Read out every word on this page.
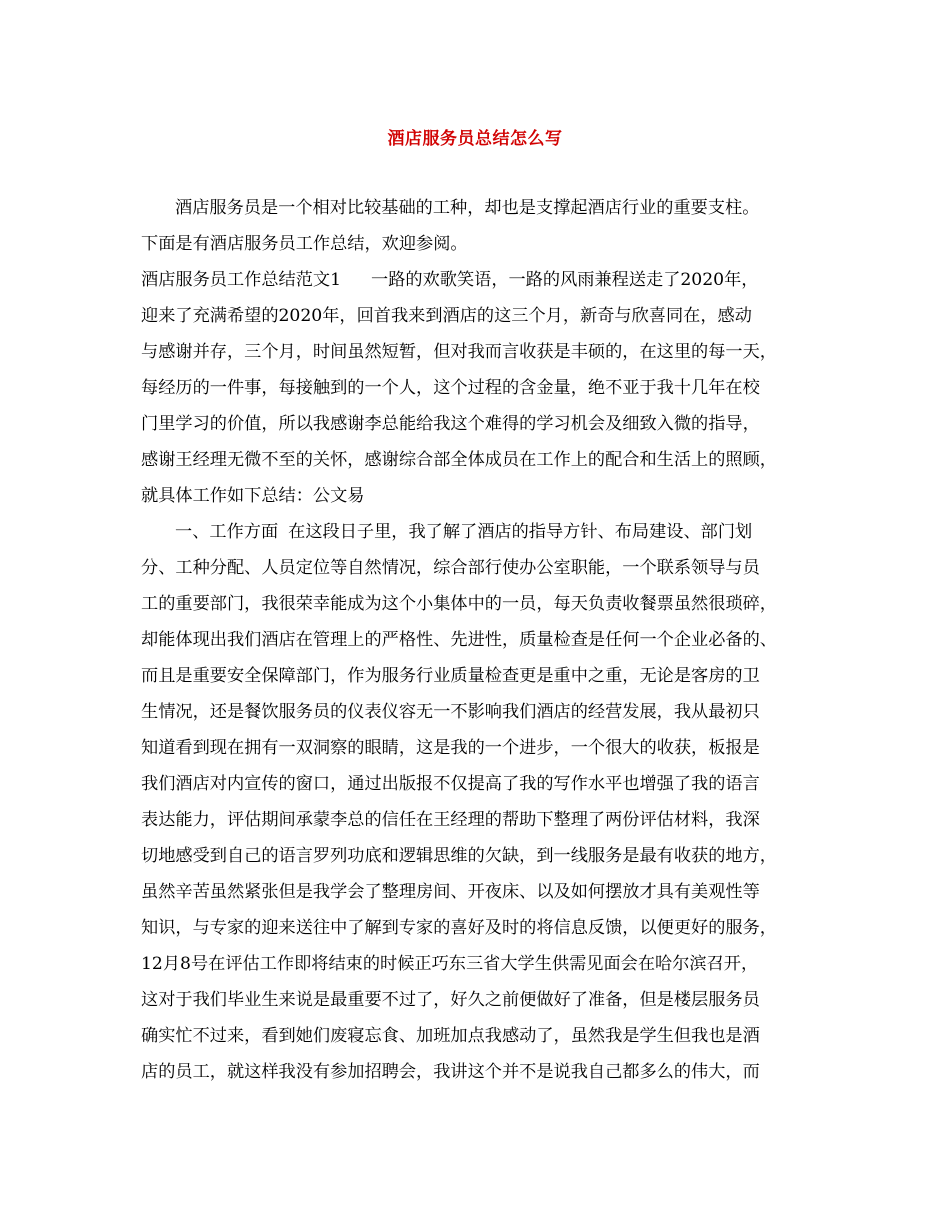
酒店服务员总结怎么写
酒店服务员是一个相对比较基础的工种，却也是支撑起酒店行业的重要支柱。
下面是有酒店服务员工作总结，欢迎参阅。
酒店服务员工作总结范文1 一路的欢歌笑语，一路的风雨兼程送走了2020年，
迎来了充满希望的2020年，回首我来到酒店的这三个月，新奇与欣喜同在，感动
与感谢并存，三个月，时间虽然短暂，但对我而言收获是丰硕的，在这里的每一天，
每经历的一件事，每接触到的一个人，这个过程的含金量，绝不亚于我十几年在校
门里学习的价值，所以我感谢李总能给我这个难得的学习机会及细致入微的指导，
感谢王经理无微不至的关怀，感谢综合部全体成员在工作上的配合和生活上的照顾，
就具体工作如下总结：公文易
一、工作方面 在这段日子里，我了解了酒店的指导方针、布局建设、部门划
分、工种分配、人员定位等自然情况，综合部行使办公室职能，一个联系领导与员
工的重要部门，我很荣幸能成为这个小集体中的一员，每天负责收餐票虽然很琐碎，
却能体现出我们酒店在管理上的严格性、先进性，质量检查是任何一个企业必备的、
而且是重要安全保障部门，作为服务行业质量检查更是重中之重，无论是客房的卫
生情况，还是餐饮服务员的仪表仪容无一不影响我们酒店的经营发展，我从最初只
知道看到现在拥有一双洞察的眼睛，这是我的一个进步，一个很大的收获，板报是
我们酒店对内宣传的窗口，通过出版报不仅提高了我的写作水平也增强了我的语言
表达能力，评估期间承蒙李总的信任在王经理的帮助下整理了两份评估材料，我深
切地感受到自己的语言罗列功底和逻辑思维的欠缺，到一线服务是最有收获的地方，
虽然辛苦虽然紧张但是我学会了整理房间、开夜床、以及如何摆放才具有美观性等
知识，与专家的迎来送往中了解到专家的喜好及时的将信息反馈，以便更好的服务，
12月8号在评估工作即将结束的时候正巧东三省大学生供需见面会在哈尔滨召开，
这对于我们毕业生来说是最重要不过了，好久之前便做好了准备，但是楼层服务员
确实忙不过来，看到她们废寝忘食、加班加点我感动了，虽然我是学生但我也是酒
店的员工，就这样我没有参加招聘会，我讲这个并不是说我自己都多么的伟大，而
